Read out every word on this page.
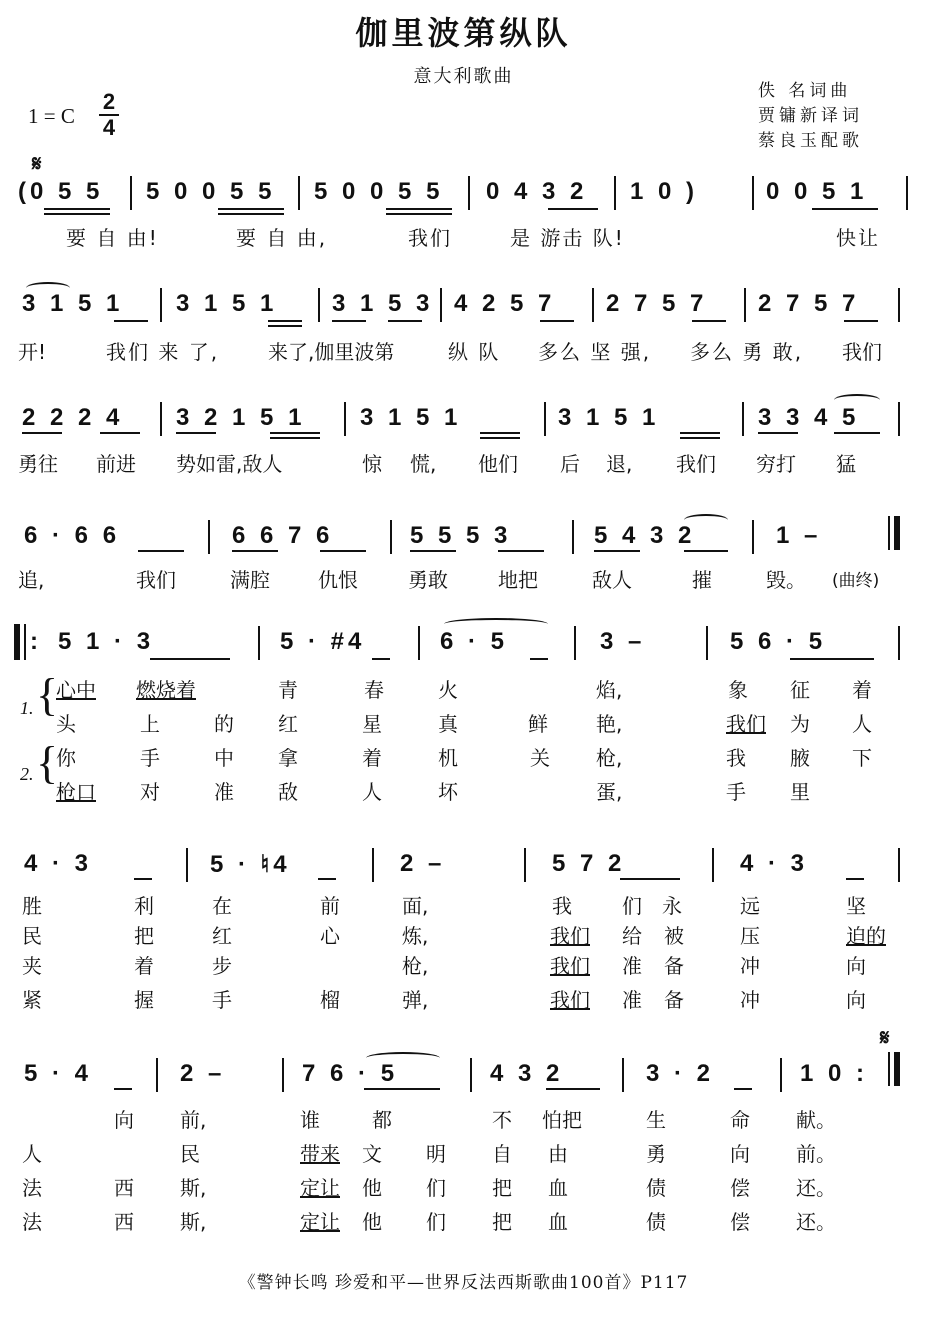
伽里波第纵队
意大利歌曲
佚 名词曲
贾镛新译词
蔡良玉配歌
1 = C
2
4
𝄋
𝄋
(0 5 5 5 0 0 5 5 5 0 0 5 5 0 4 3 2 1 0 )	0 0 5 1
要 自 由!	要 自 由,	我们	是 游击 队!	快让
3 1 5 1 3 1 5 1 3 1 5 3 4 2 5 7 2 7 5 7 2 7 5 7
开!	我们 来 了, 来了,伽里波第	纵 队 多么 坚 强, 多么 勇 敢, 我们
2 2 2 4 3 2 1 5 1 3 1 5 1	3 1 5 1	3 3 4 5
勇往 前进 势如雷,敌人	惊 慌, 他们 后 退, 我们 穷打 猛
6 · 6 6	6 6 7 6	5 5 5 3	5 4 3 2	1 –
追,	我们	满腔 仇恨	勇敢	地把	敌人	摧	毁。 (曲终)
: 5 1 · 3	5 · #4	6 · 5	3 –	5 6 · 5
{
{
1.
2.
心中 燃烧着	青	春	火	焰,	象 征 着
头	上	的 红	星	真	鲜 艳,	我们 为 人
你	手	中 拿	着	机	关 枪,	我 腋 下
枪口 对	准 敌	人	坏	蛋,	手 里
4 · 3	5 · ♮4	2 –	5 7 2	4 · 3
胜	利	在	前	面,	我	们 永	远	坚
民	把	红	心	炼,	我们 给 被	压	迫的
夹	着	步	枪,	我们 准 备	冲	向
紧	握	手	榴	弹,	我们 准 备	冲	向
5 · 4	2 –	7 6 · 5	4 3 2	3 · 2	1 0 :
向 前,	谁	都	不 怕把	生	命 献。
人	民	带来 文 明 自 由	勇	向 前。
法	西 斯,	定让 他 们 把 血	债	偿 还。
法	西 斯,	定让 他 们 把 血	债	偿 还。
《警钟长鸣 珍爱和平—世界反法西斯歌曲100首》P117
